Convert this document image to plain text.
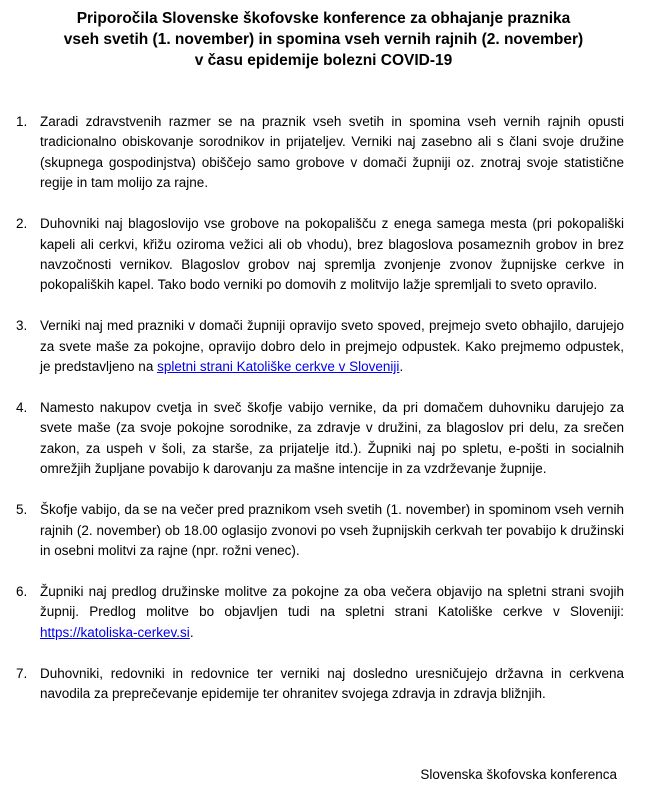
Priporočila Slovenske škofovske konference za obhajanje praznika
vseh svetih (1. november) in spomina vseh vernih rajnih (2. november)
v času epidemije bolezni COVID-19
1. Zaradi zdravstvenih razmer se na praznik vseh svetih in spomina vseh vernih rajnih opusti tradicionalno obiskovanje sorodnikov in prijateljev. Verniki naj zasebno ali s člani svoje družine (skupnega gospodinjstva) obiščejo samo grobove v domači župniji oz. znotraj svoje statistične regije in tam molijo za rajne.
2. Duhovniki naj blagoslovijo vse grobove na pokopališču z enega samega mesta (pri pokopališki kapeli ali cerkvi, křižu oziroma vežici ali ob vhodu), brez blagoslova posameznih grobov in brez navzočnosti vernikov. Blagoslov grobov naj spremlja zvonjenje zvonov župnijske cerkve in pokopaliških kapel. Tako bodo verniki po domovih z molitvijo lažje spremljali to sveto opravilo.
3. Verniki naj med prazniki v domači župniji opravijo sveto spoved, prejmejo sveto obhajilo, darujejo za svete maše za pokojne, opravijo dobro delo in prejmejo odpustek. Kako prejmemo odpustek, je predstavljeno na spletni strani Katoliške cerkve v Sloveniji.
4. Namesto nakupov cvetja in sveč škofje vabijo vernike, da pri domačem duhovniku darujejo za svete maše (za svoje pokojne sorodnike, za zdravje v družini, za blagoslov pri delu, za srečen zakon, za uspeh v šoli, za starše, za prijatelje itd.). Župniki naj po spletu, e-pošti in socialnih omrežjih župljane povabijo k darovanju za mašne intencije in za vzdrževanje župnije.
5. Škofje vabijo, da se na večer pred praznikom vseh svetih (1. november) in spominom vseh vernih rajnih (2. november) ob 18.00 oglasijo zvonovi po vseh župnijskih cerkvah ter povabijo k družinski in osebni molitvi za rajne (npr. rožni venec).
6. Župniki naj predlog družinske molitve za pokojne za oba večera objavijo na spletni strani svojih župnij. Predlog molitve bo objavljen tudi na spletni strani Katoliške cerkve v Sloveniji: https://katoliska-cerkev.si.
7. Duhovniki, redovniki in redovnice ter verniki naj dosledno uresničujejo državna in cerkvena navodila za preprečevanje epidemije ter ohranitev svojega zdravja in zdravja bližnjih.
Slovenska škofovska konferenca
